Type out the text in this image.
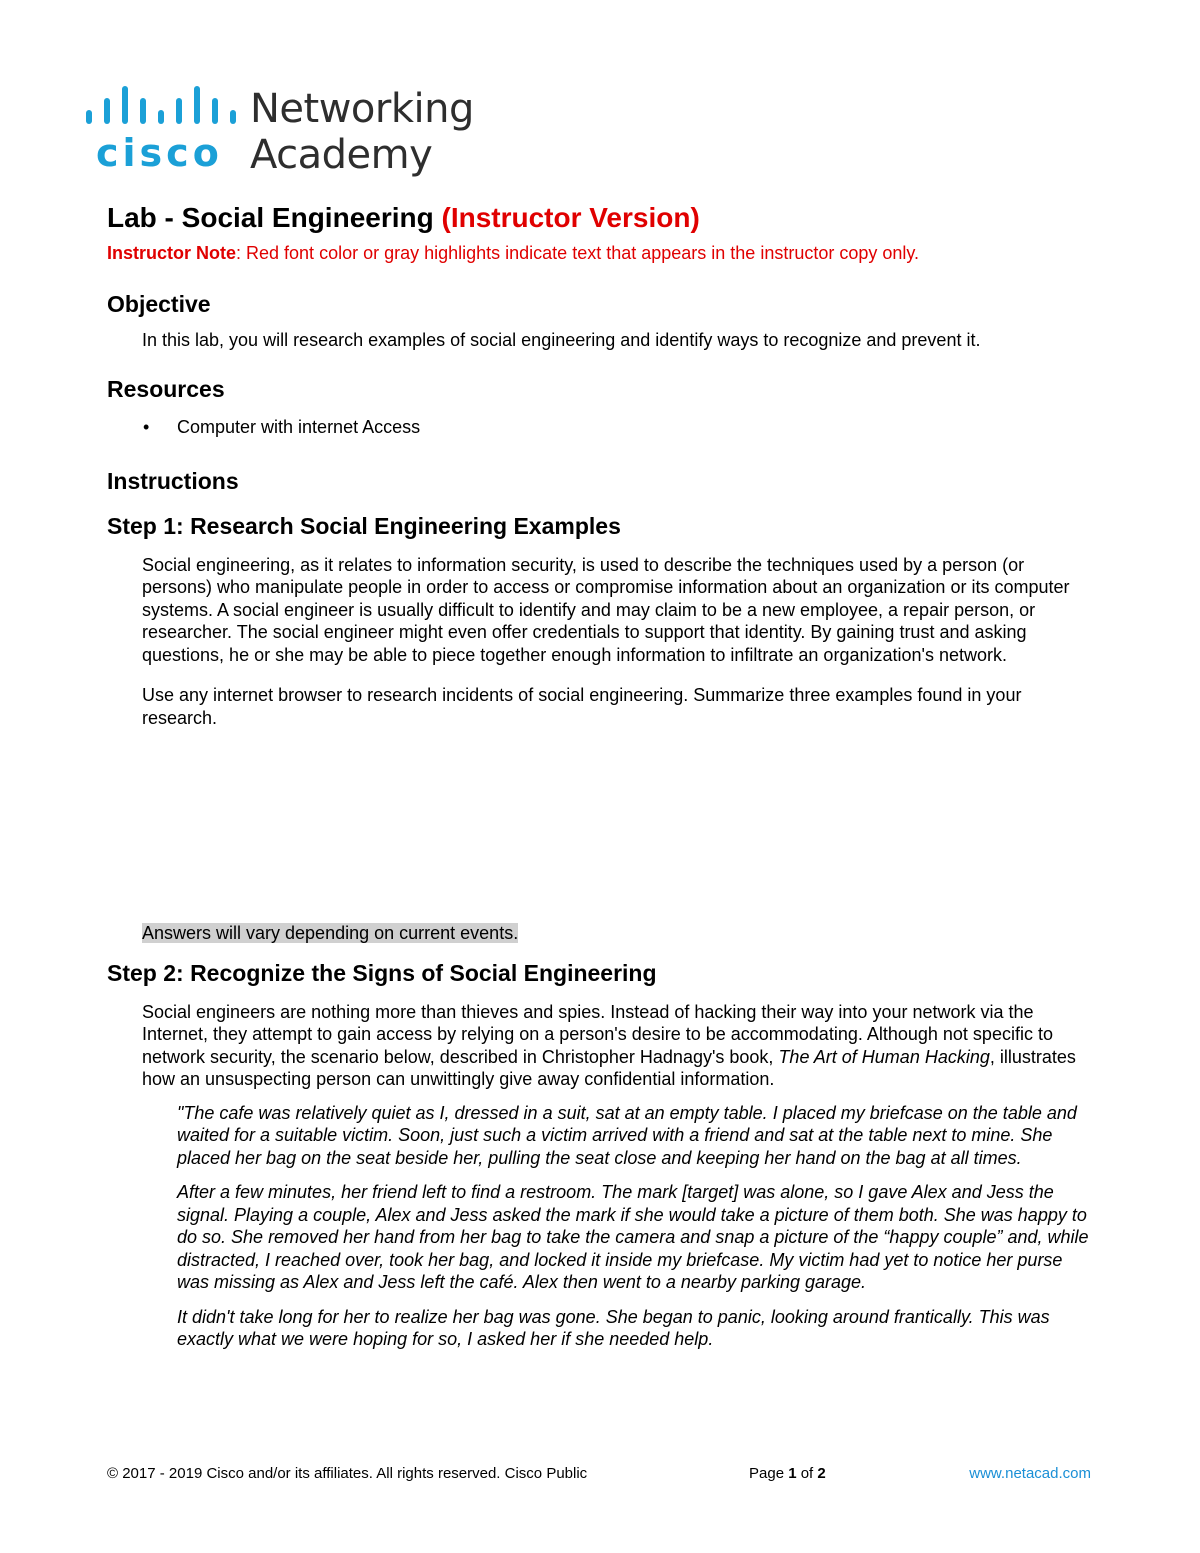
cisco
Networking
Academy
Lab - Social Engineering (Instructor Version)

Instructor Note: Red font color or gray highlights indicate text that appears in the instructor copy only.

Objective

In this lab, you will research examples of social engineering and identify ways to recognize and prevent it.

Resources
• Computer with internet Access
Instructions
Step 1: Research Social Engineering Examples

Social engineering, as it relates to information security, is used to describe the techniques used by a person (or persons) who manipulate people in order to access or compromise information about an organization or its computer systems. A social engineer is usually difficult to identify and may claim to be a new employee, a repair person, or researcher. The social engineer might even offer credentials to support that identity. By gaining trust and asking questions, he or she may be able to piece together enough information to infiltrate an organization's network.

Use any internet browser to research incidents of social engineering. Summarize three examples found in your research.

Answers will vary depending on current events.

Step 2: Recognize the Signs of Social Engineering

Social engineers are nothing more than thieves and spies. Instead of hacking their way into your network via the Internet, they attempt to gain access by relying on a person's desire to be accommodating. Although not specific to network security, the scenario below, described in Christopher Hadnagy's book, The Art of Human Hacking, illustrates how an unsuspecting person can unwittingly give away confidential information.

"The cafe was relatively quiet as I, dressed in a suit, sat at an empty table. I placed my briefcase on the table and waited for a suitable victim. Soon, just such a victim arrived with a friend and sat at the table next to mine. She placed her bag on the seat beside her, pulling the seat close and keeping her hand on the bag at all times.

After a few minutes, her friend left to find a restroom. The mark [target] was alone, so I gave Alex and Jess the signal. Playing a couple, Alex and Jess asked the mark if she would take a picture of them both. She was happy to do so. She removed her hand from her bag to take the camera and snap a picture of the “happy couple” and, while distracted, I reached over, took her bag, and locked it inside my briefcase. My victim had yet to notice her purse was missing as Alex and Jess left the café. Alex then went to a nearby parking garage.

It didn't take long for her to realize her bag was gone. She began to panic, looking around frantically. This was exactly what we were hoping for so, I asked her if she needed help.

© 2017 - 2019 Cisco and/or its affiliates. All rights reserved. Cisco Public	Page 1 of 2	www.netacad.com
